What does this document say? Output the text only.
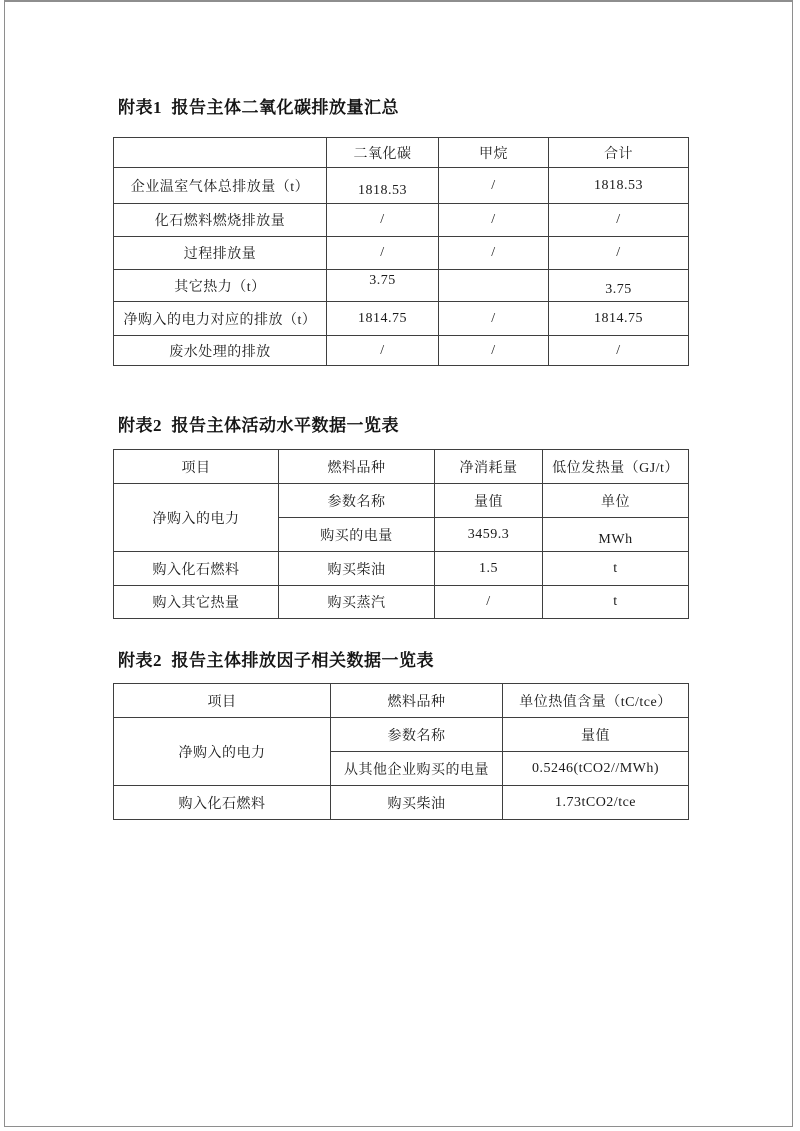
附表1  报告主体二氧化碳排放量汇总
	二氧化碳	甲烷	合计
企业温室气体总排放量（t）	1818.53	/	1818.53
化石燃料燃烧排放量	/	/	/
过程排放量	/	/	/
其它热力（t）	3.75		3.75
净购入的电力对应的排放（t）	1814.75	/	1814.75
废水处理的排放	/	/	/
附表2  报告主体活动水平数据一览表
项目	燃料品种	净消耗量	低位发热量（GJ/t）
净购入的电力	参数名称	量值	单位
	购买的电量	3459.3	MWh
购入化石燃料	购买柴油	1.5	t
购入其它热量	购买蒸汽	/	t
附表2  报告主体排放因子相关数据一览表
项目	燃料品种	单位热值含量（tC/tce）
净购入的电力	参数名称	量值
	从其他企业购买的电量	0.5246(tCO2//MWh)
购入化石燃料	购买柴油	1.73tCO2/tce
